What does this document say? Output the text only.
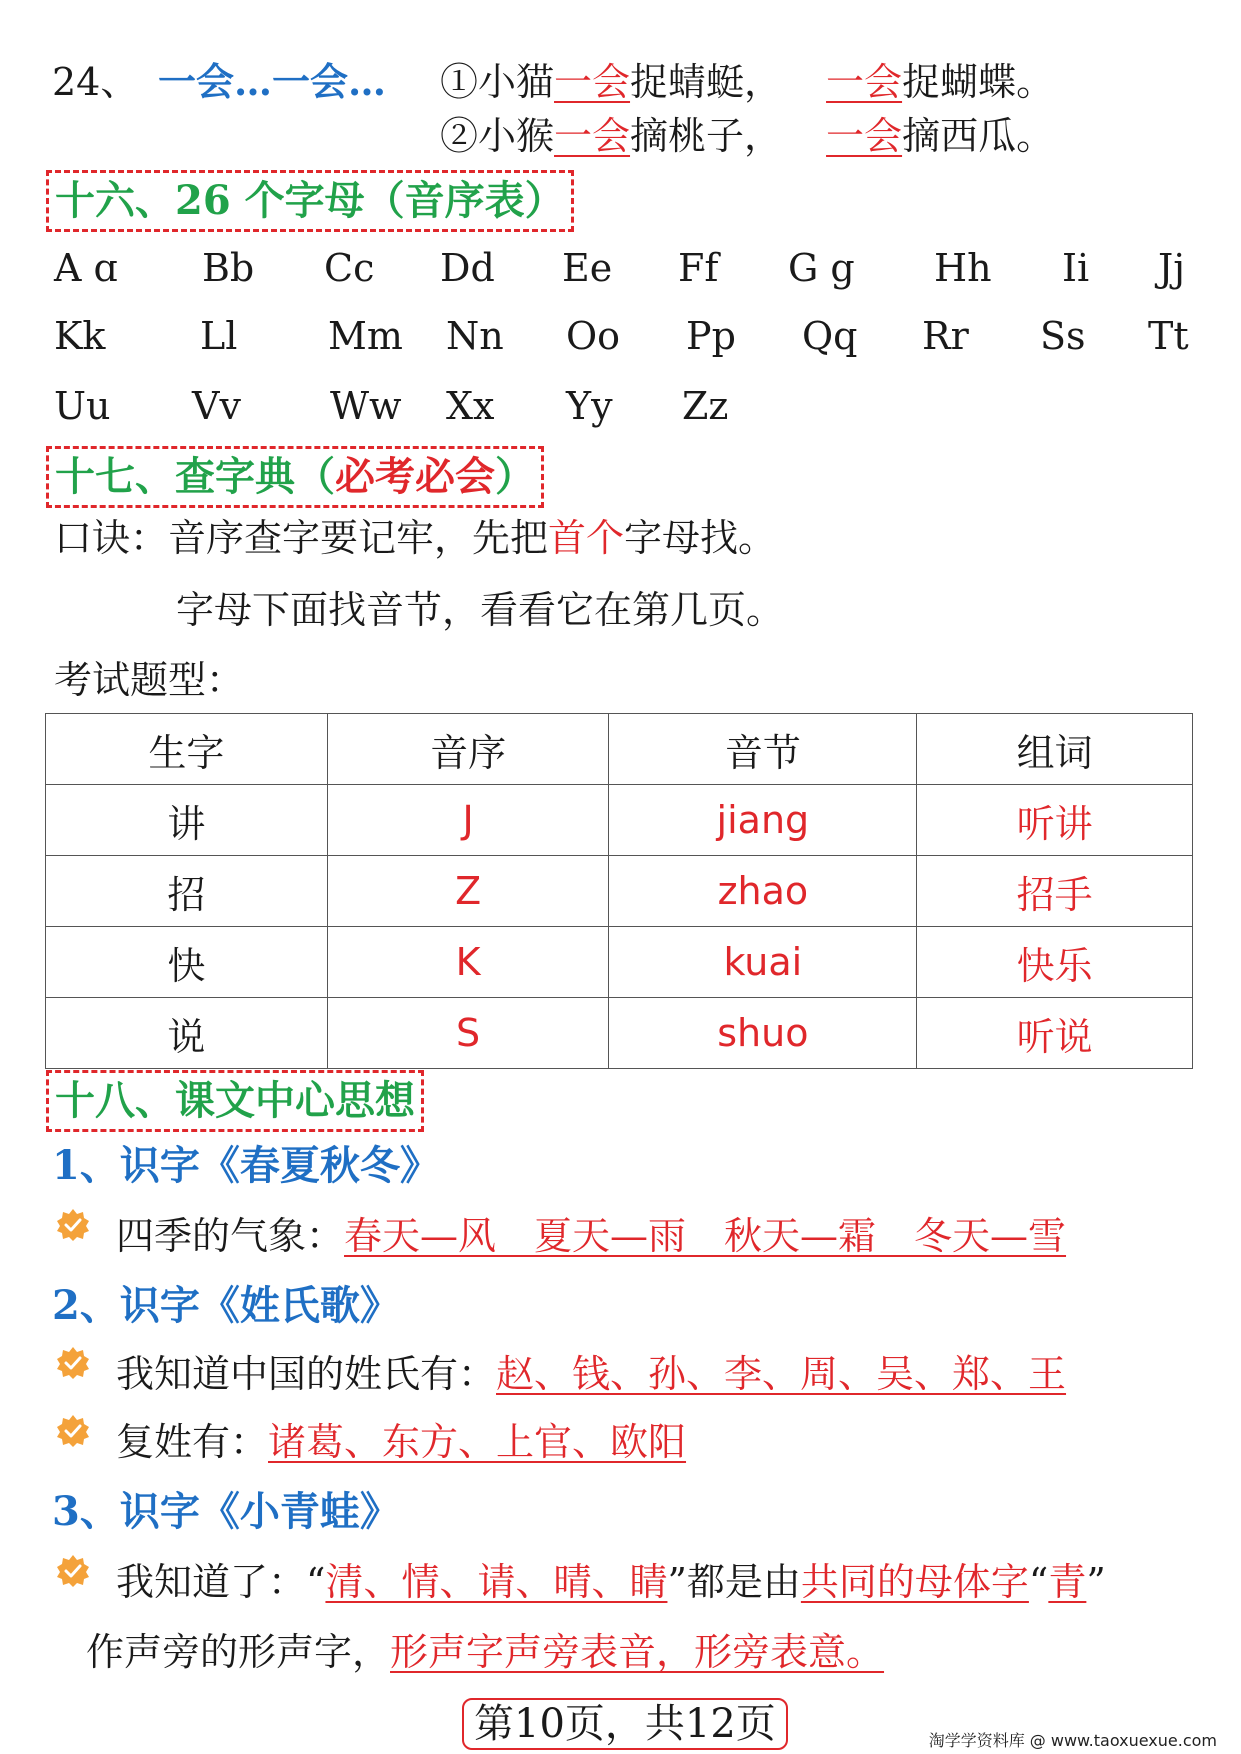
24、 一会…一会… ①小猫一会捉蜻蜓， 一会捉蝴蝶。
②小猴一会摘桃子， 一会摘西瓜。
十六、26 个字母（音序表）
A ɑ Bb Cc Dd Ee Ff G g Hh Ii Jj
Kk Ll Mm Nn Oo Pp Qq Rr Ss Tt
Uu Vv Ww Xx Yy Zz
十七、查字典（必考必会）
口诀：音序查字要记牢，先把首个字母找。
字母下面找音节，看看它在第几页。
考试题型：
生字	音序	音节	组词
讲	J	jiang	听讲
招	Z	zhao	招手
快	K	kuai	快乐
说	S	shuo	听说
十八、课文中心思想
1、识字《春夏秋冬》
四季的气象：春天—风　夏天—雨　秋天—霜　冬天—雪
2、识字《姓氏歌》
我知道中国的姓氏有：赵、钱、孙、李、周、吴、郑、王
复姓有：诸葛、东方、上官、欧阳
3、识字《小青蛙》
我知道了：“清、情、请、晴、睛”都是由共同的母体字“青”
作声旁的形声字，形声字声旁表音，形旁表意。
第10页，共12页	淘学学资料库 @ www.taoxuexue.com
